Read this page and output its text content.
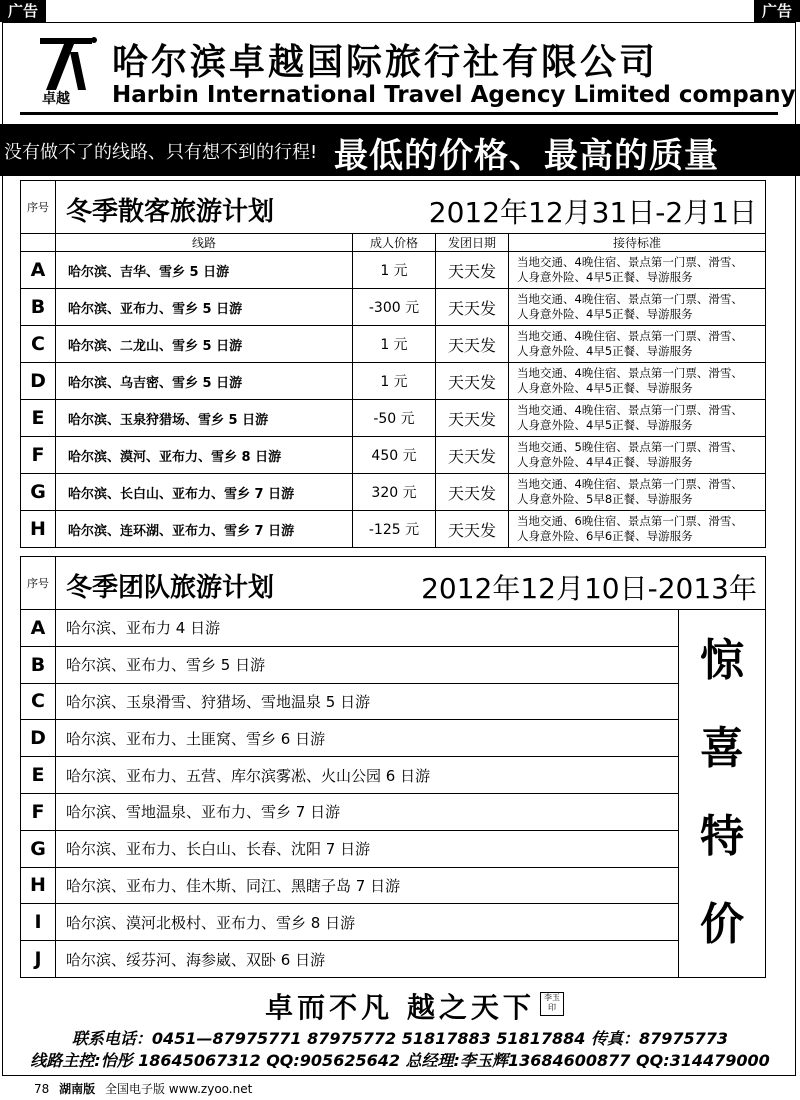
广告	广告
卓越
哈尔滨卓越国际旅行社有限公司
Harbin International Travel Agency Limited company
没有做不了的线路、只有想不到的行程! 最低的价格、最高的质量
序号	冬季散客旅游计划 2012年12月31日-2月1日			

	线路	成人价格	发团日期	接待标准
A	哈尔滨、吉华、雪乡 5 日游	1 元	天天发	当地交通、4晚住宿、景点第一门票、滑雪、
人身意外险、4早5正餐、导游服务

B	哈尔滨、亚布力、雪乡 5 日游	-300 元	天天发	当地交通、4晚住宿、景点第一门票、滑雪、
人身意外险、4早5正餐、导游服务

C	哈尔滨、二龙山、雪乡 5 日游	1 元	天天发	当地交通、4晚住宿、景点第一门票、滑雪、
人身意外险、4早5正餐、导游服务

D	哈尔滨、乌吉密、雪乡 5 日游	1 元	天天发	当地交通、4晚住宿、景点第一门票、滑雪、
人身意外险、4早5正餐、导游服务

E	哈尔滨、玉泉狩猎场、雪乡 5 日游	-50 元	天天发	当地交通、4晚住宿、景点第一门票、滑雪、
人身意外险、4早5正餐、导游服务

F	哈尔滨、漠河、亚布力、雪乡 8 日游	450 元	天天发	当地交通、5晚住宿、景点第一门票、滑雪、
人身意外险、4早4正餐、导游服务

G	哈尔滨、长白山、亚布力、雪乡 7 日游	320 元	天天发	当地交通、4晚住宿、景点第一门票、滑雪、
人身意外险、5早8正餐、导游服务

H	哈尔滨、连环湖、亚布力、雪乡 7 日游	-125 元	天天发	当地交通、6晚住宿、景点第一门票、滑雪、
人身意外险、6早6正餐、导游服务
序号	冬季团队旅游计划 2012年12月10日-2013年	

A	哈尔滨、亚布力 4 日游	惊
喜
特
价

B	哈尔滨、亚布力、雪乡 5 日游	
C	哈尔滨、玉泉滑雪、狩猎场、雪地温泉 5 日游	
D	哈尔滨、亚布力、土匪窝、雪乡 6 日游	
E	哈尔滨、亚布力、五营、库尔滨雾凇、火山公园 6 日游	
F	哈尔滨、雪地温泉、亚布力、雪乡 7 日游	
G	哈尔滨、亚布力、长白山、长春、沈阳 7 日游	
H	哈尔滨、亚布力、佳木斯、同江、黑瞎子岛 7 日游	
I	哈尔滨、漠河北极村、亚布力、雪乡 8 日游	
J	哈尔滨、绥芬河、海参崴、双卧 6 日游	
卓而不凡 越之天下	李玉印
联系电话：0451—87975771 87975772 51817883 51817884 传真：87975773
线路主控:怡彤 18645067312 QQ:905625642 总经理:李玉辉13684600877 QQ:314479000
78 湖南版 全国电子版 www.zyoo.net
